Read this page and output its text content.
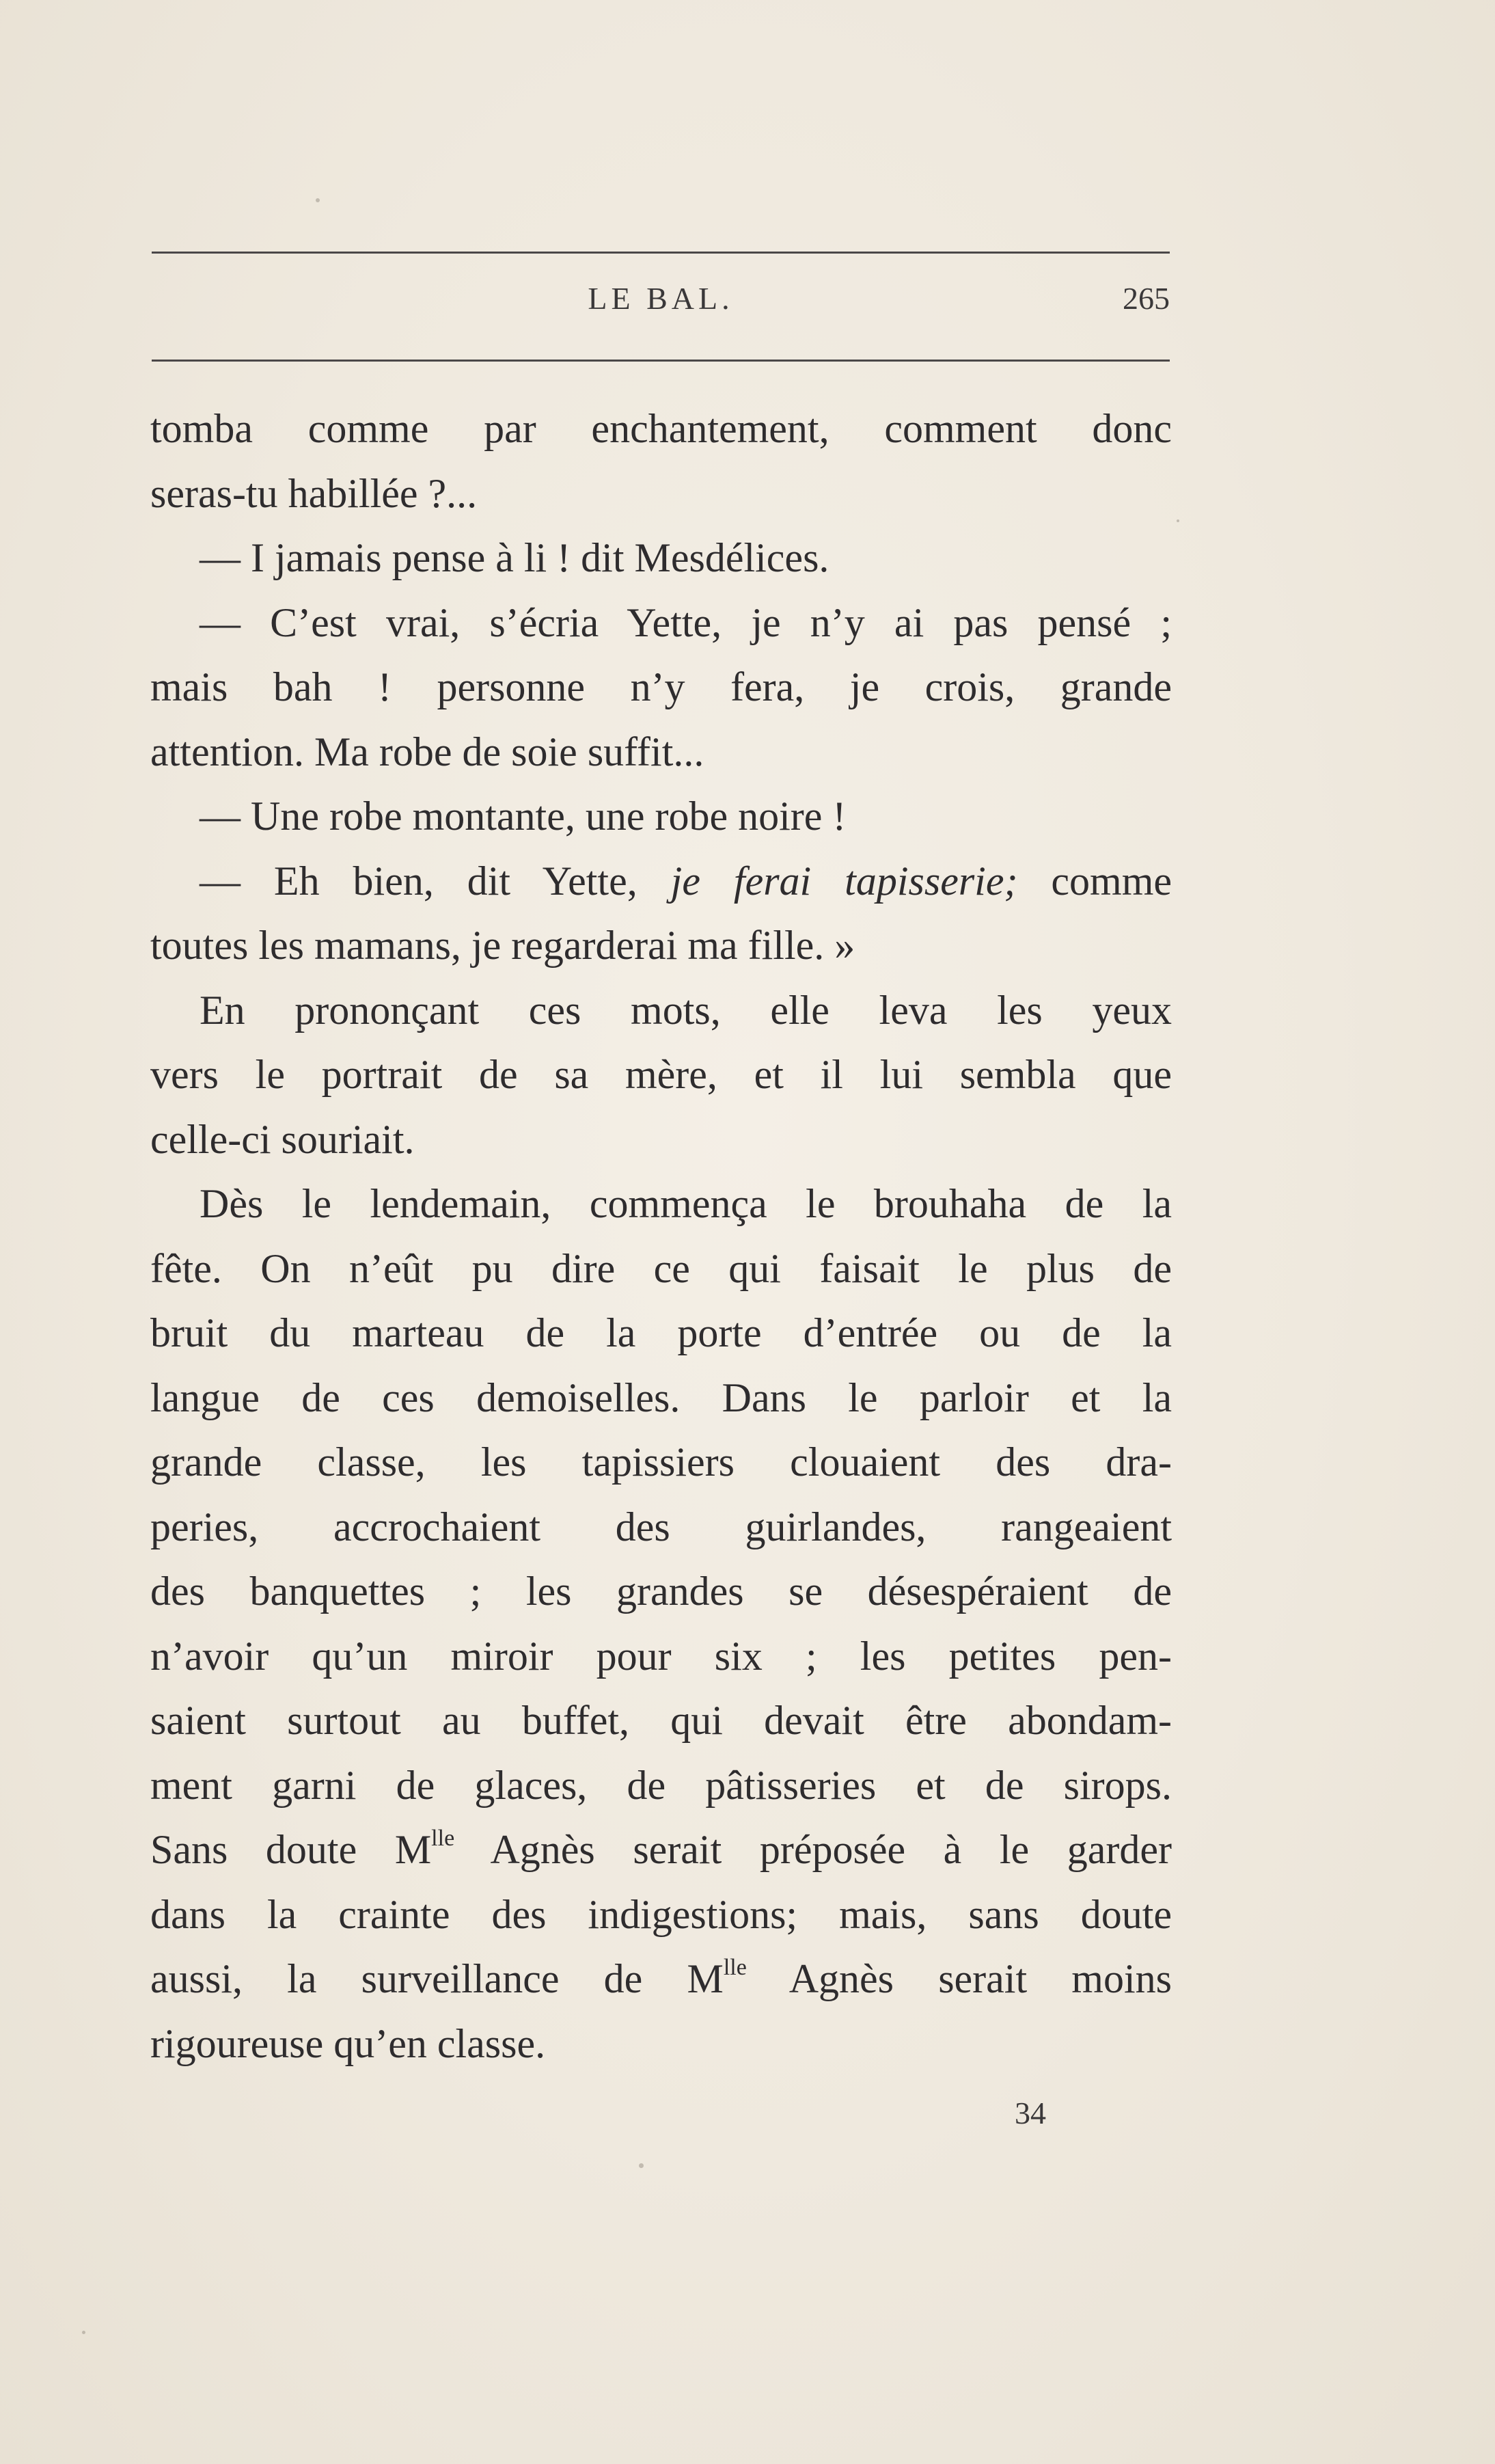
LE BAL.	265
tomba comme par enchantement, comment donc
seras-tu habillée ?...
— I jamais pense à li ! dit Mesdélices.
— C’est vrai, s’écria Yette, je n’y ai pas pensé ;
mais bah ! personne n’y fera, je crois, grande
attention. Ma robe de soie suffit...
— Une robe montante, une robe noire !
— Eh bien, dit Yette, je ferai tapisserie; comme
toutes les mamans, je regarderai ma fille. »
En prononçant ces mots, elle leva les yeux
vers le portrait de sa mère, et il lui sembla que
celle-ci souriait.
Dès le lendemain, commença le brouhaha de la
fête. On n’eût pu dire ce qui faisait le plus de
bruit du marteau de la porte d’entrée ou de la
langue de ces demoiselles. Dans le parloir et la
grande classe, les tapissiers clouaient des dra-
peries, accrochaient des guirlandes, rangeaient
des banquettes ; les grandes se désespéraient de
n’avoir qu’un miroir pour six ; les petites pen-
saient surtout au buffet, qui devait être abondam-
ment garni de glaces, de pâtisseries et de sirops.
Sans doute $M^{lle}$ Agnès serait préposée à le garder
dans la crainte des indigestions; mais, sans doute
aussi, la surveillance de $M^{lle}$ Agnès serait moins
rigoureuse qu’en classe.
34
